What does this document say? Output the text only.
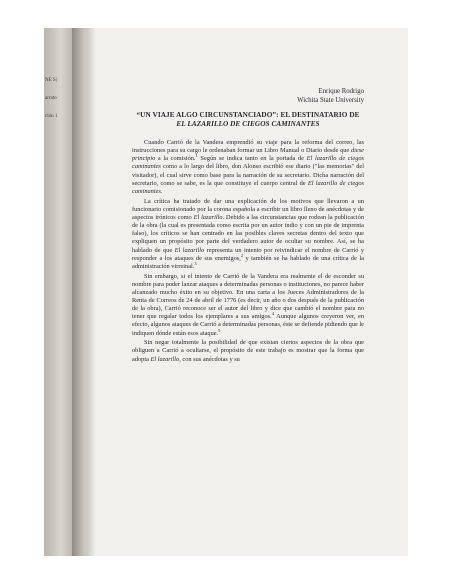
NE S|
arrato
ción 1
Enrique Rodrigo
Wichita State University
“UN VIAJE ALGO CIRCUNSTANCIADO”: EL DESTINATARIO DE
EL LAZARILLO DE CIEGOS CAMINANTES

Cuando Carrió de la Vandera emprendió su viaje para la reforma del correo, las instrucciones para su cargo le ordenaban formar un Libro Manual o Diario desde que diese principio a la comisión.$^1$ Según se indica tanto en la portada de El lazarillo de ciegos caminantes como a lo largo del libro, don Alonso escribió ese diario ("las memorias" del visitador), el cual sirve como base para la narración de su secretario. Dicha narración del secretario, como se sabe, es la que constituye el cuerpo central de El lazarillo de ciegos caminantes.

La crítica ha tratado de dar una explicación de los motivos que llevaron a un funcionario comisionado por la corona española a escribir un libro lleno de anécdotas y de aspectos irónicos como El lazarillo. Debido a las circunstancias que rodean la publicación de la obra (la cual es presentada como escrita por un autor indio y con un pie de imprenta falso), los críticos se han centrado en las posibles claves secretas dentro del texto que expliquen un propósito por parte del verdadero autor de ocultar su nombre. Así, se ha hablado de que El lazarillo representa un intento por reivindicar el nombre de Carrió y responder a los ataques de sus enemigos,$^2$ y también se ha hablado de una crítica de la administración virreinal.$^3$

Sin embargo, si el intento de Carrió de la Vandera era realmente el de esconder su nombre para poder lanzar ataques a determinadas personas o instituciones, no parece haber alcanzado mucho éxito en su objetivo. En una carta a los Jueces Administradores de la Renta de Correos de 24 de abril de 1776 (es decir, un año o dos después de la publicación de la obra), Carrió reconoce ser el autor del libro y dice que cambió el nombre para no tener que regalar todos los ejemplares a sus amigos.$^4$ Aunque algunos creyeron ver, en efecto, algunos ataques de Carrió a determinadas personas, éste se defiende pidiendo que le indiquen dónde están esos ataque.$^5$

Sin negar totalmente la posibilidad de que existan ciertos aspectos de la obra que obliguen a Carrió a ocultarse, el propósito de este trabajo es mostrar que la forma que adopta El lazarillo, con sus anécdotas y su
